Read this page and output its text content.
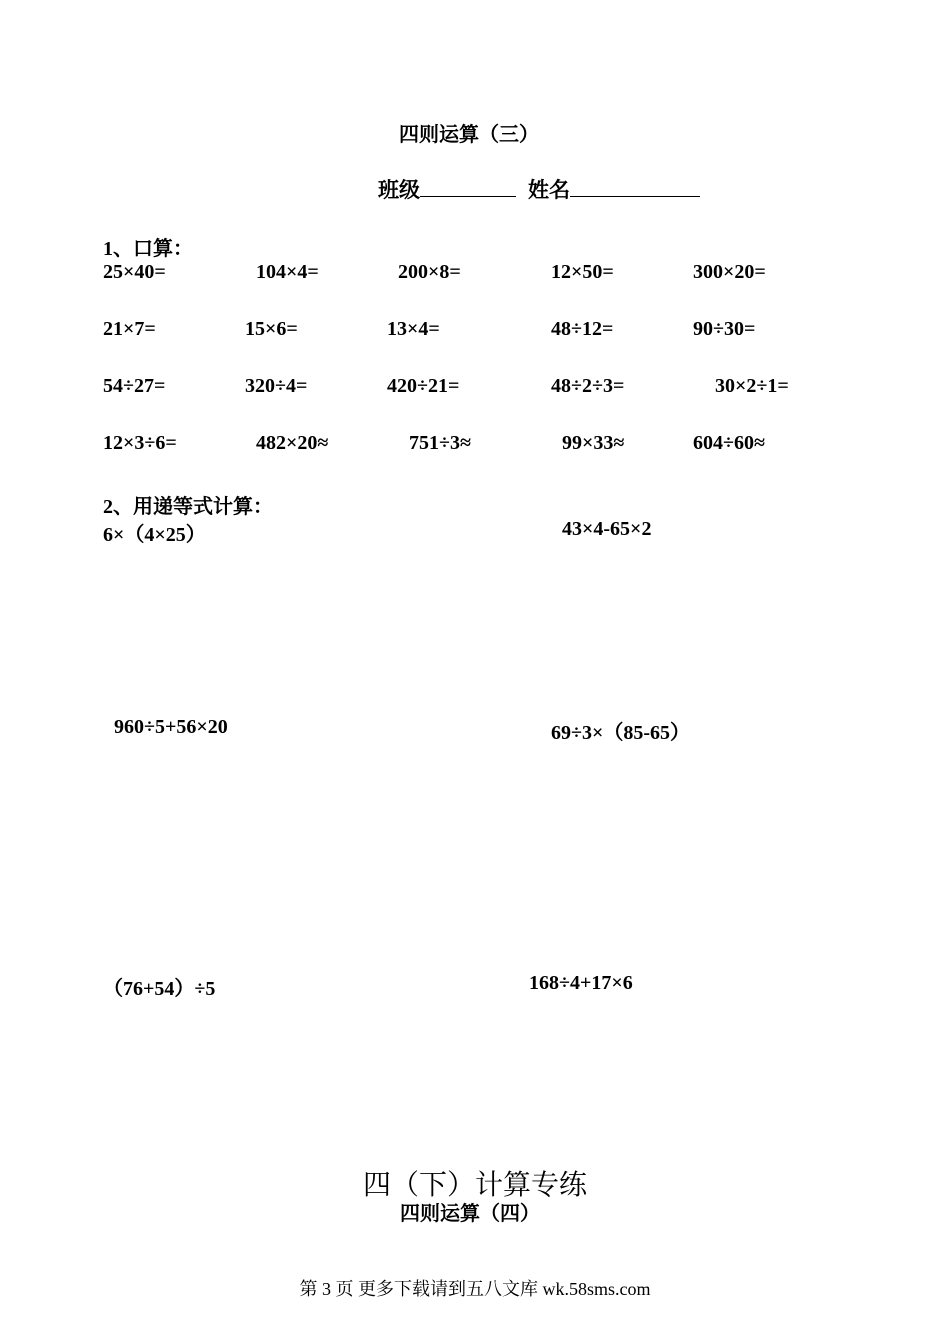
四则运算（三）
班级	姓名
1、口算：
25×40=	104×4=	200×8=	12×50=	300×20=
21×7=	15×6=	13×4=	48÷12=	90÷30=
54÷27=	320÷4=	420÷21=	48÷2÷3=	30×2÷1=
12×3÷6=	482×20≈	751÷3≈	99×33≈	604÷60≈
2、用递等式计算：
6×（4×25）	43×4-65×2
960÷5+56×20	69÷3×（85-65）
（76+54）÷5	168÷4+17×6
四（下）计算专练
四则运算（四）
第 3 页 更多下载请到五八文库 wk.58sms.com
